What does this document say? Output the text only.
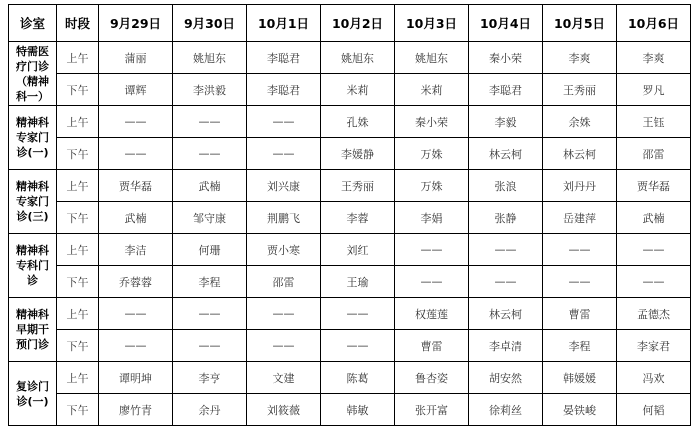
诊室	时段	9月29日	9月30日	10月1日	10月2日	10月3日	10月4日	10月5日	10月6日
特需医疗门诊（精神科一）	上午	蒲丽	姚旭东	李聪君	姚旭东	姚旭东	秦小荣	李爽	李爽
	下午	谭辉	李洪毅	李聪君	米莉	米莉	李聪君	王秀丽	罗凡
精神科专家门诊(一)	上午	——	——	——	孔姝	秦小荣	李毅	余姝	王钰
	下午	——	——	——	李媛静	万姝	林云柯	林云柯	邵雷
精神科专家门诊(三)	上午	贾华磊	武楠	刘兴康	王秀丽	万姝	张浪	刘丹丹	贾华磊
	下午	武楠	邹守康	荆鹏飞	李蓉	李娟	张静	岳建萍	武楠
精神科专科门诊	上午	李洁	何珊	贾小寒	刘红	——	——	——	——
	下午	乔蓉蓉	李程	邵雷	王瑜	——	——	——	——
精神科早期干预门诊	上午	——	——	——	——	权莲莲	林云柯	曹雷	孟德杰
	下午	——	——	——	——	曹雷	李卓清	李程	李家君
复诊门诊(一)	上午	谭明坤	李亨	文建	陈葛	鲁杏姿	胡安然	韩媛媛	冯欢
	下午	廖竹青	余丹	刘筱薇	韩敏	张开富	徐莉丝	晏铁峻	何韬
